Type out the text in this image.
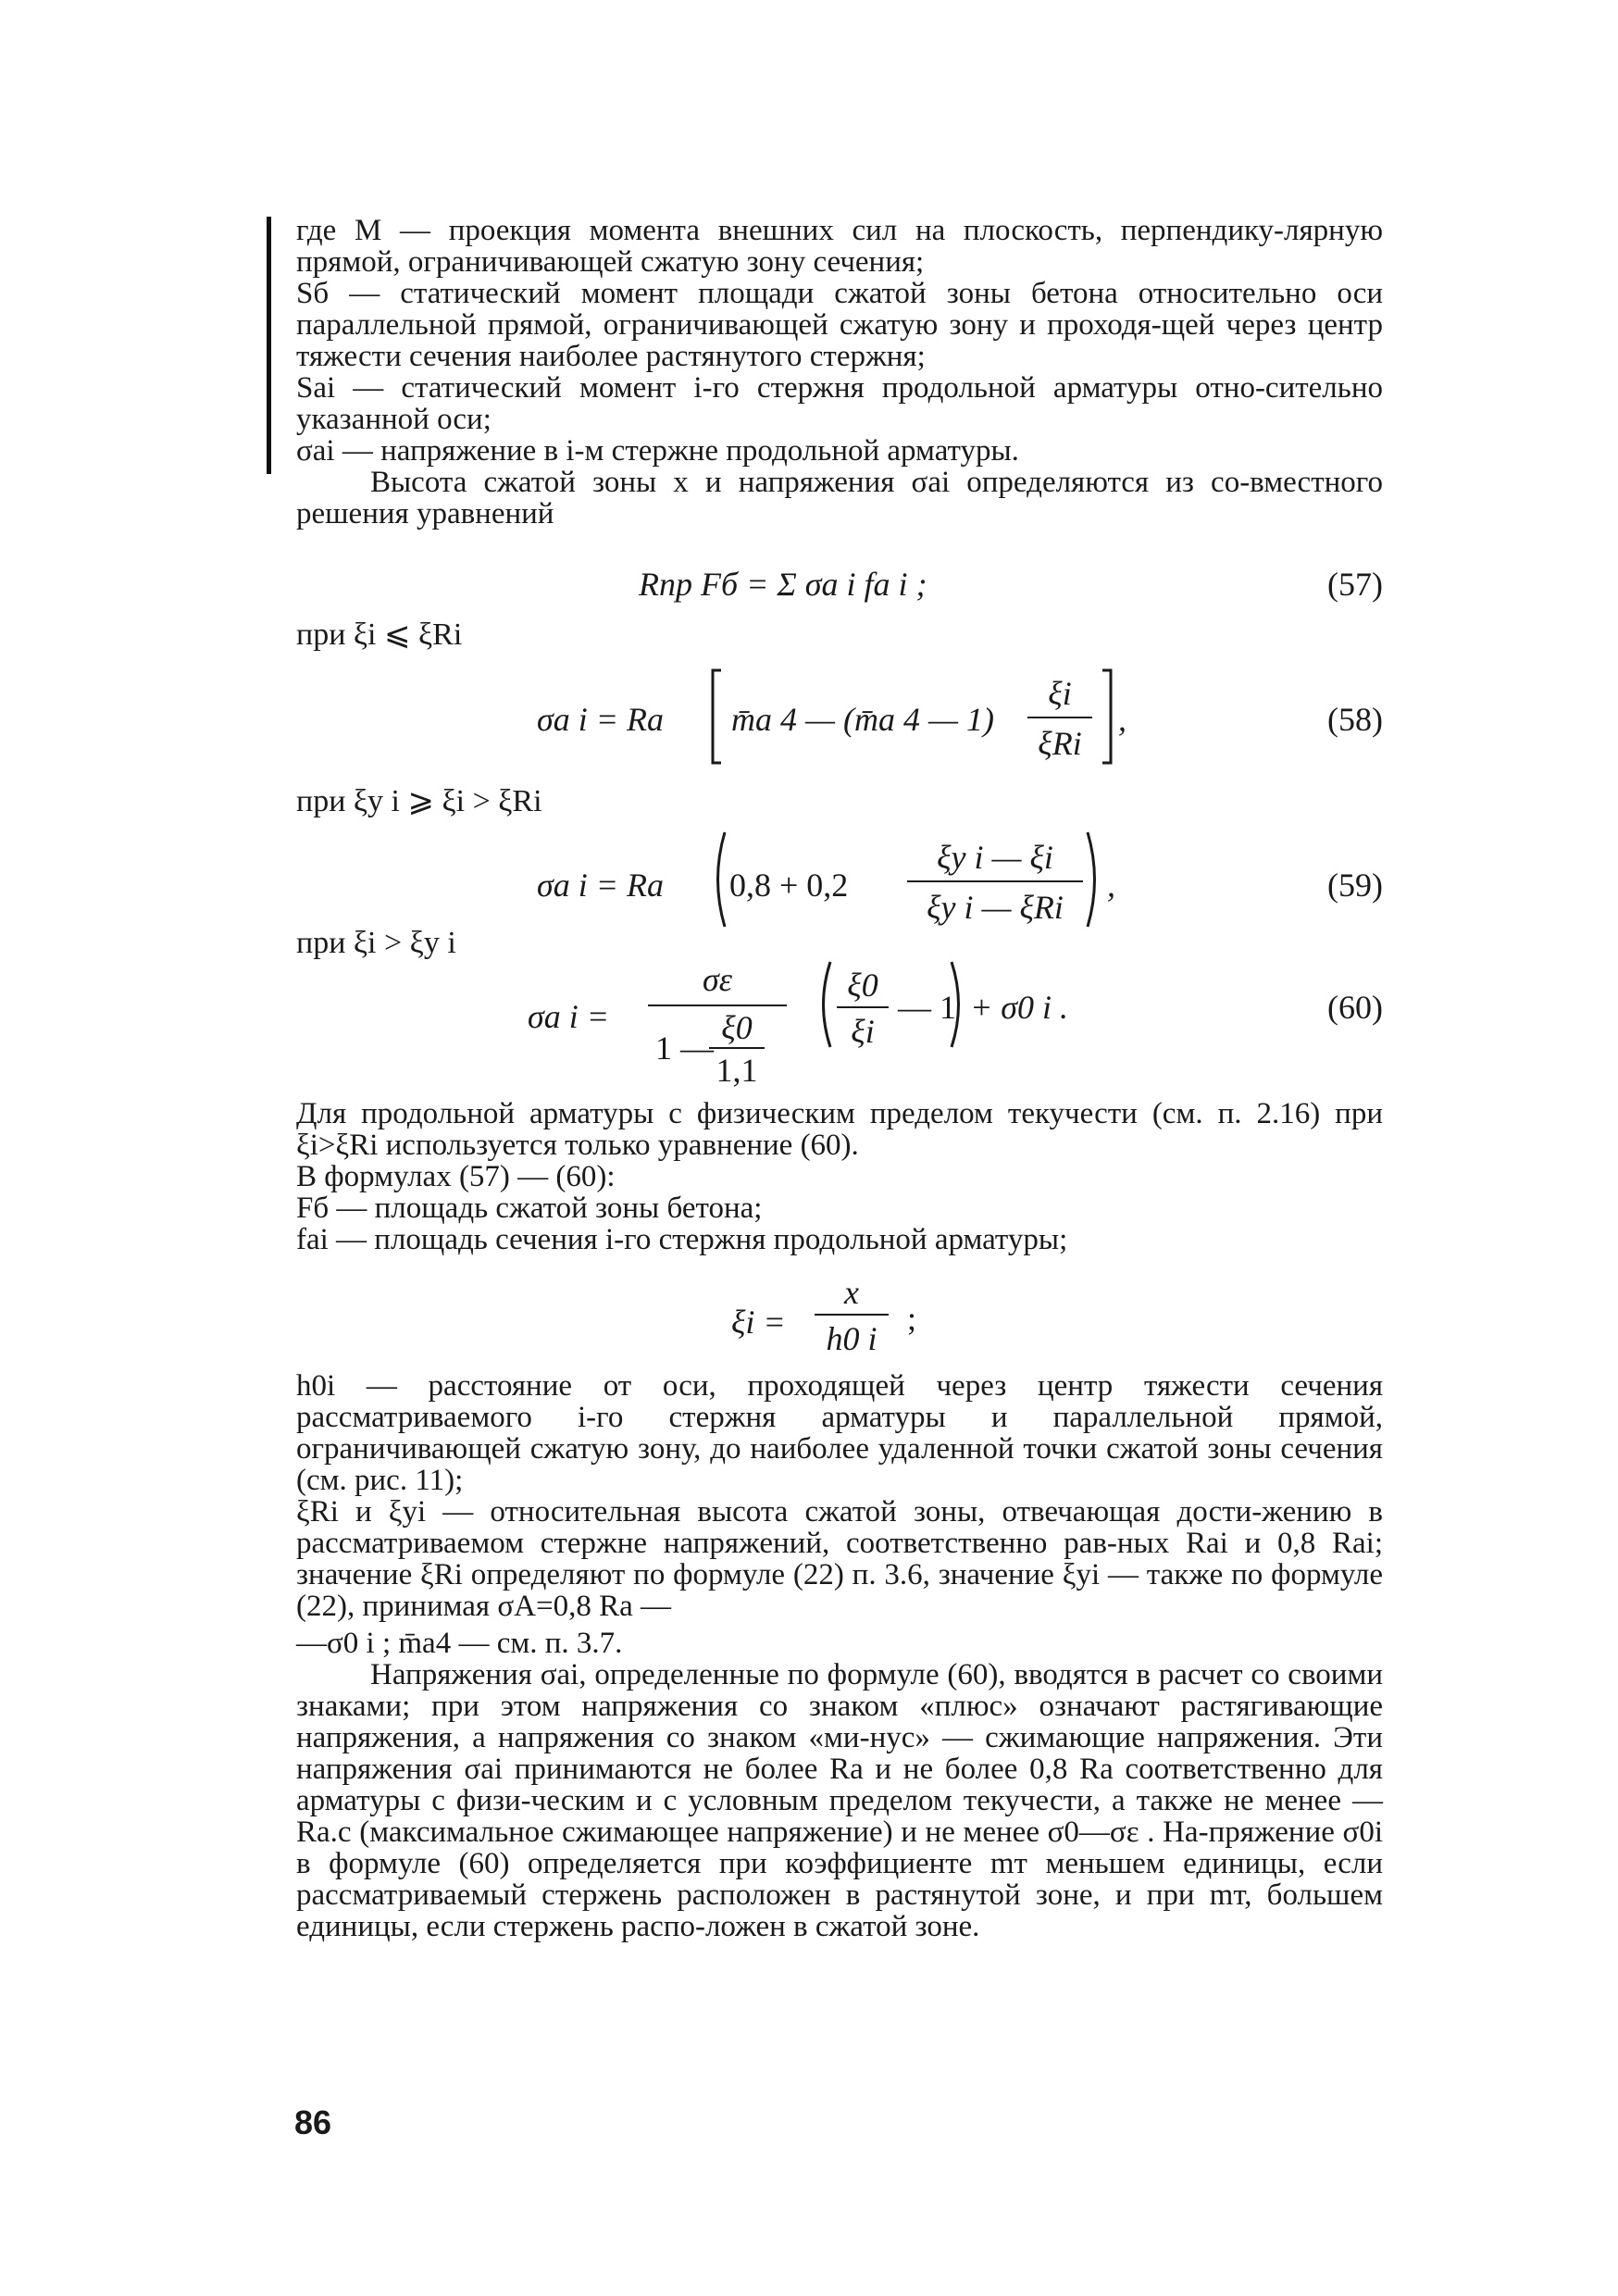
где M — проекция момента внешних сил на плоскость, перпендику-лярную прямой, ограничивающей сжатую зону сечения;

Sб — статический момент площади сжатой зоны бетона относительно оси параллельной прямой, ограничивающей сжатую зону и проходя-щей через центр тяжести сечения наиболее растянутого стержня;

Sai — статический момент i-го стержня продольной арматуры отно-сительно указанной оси;

σai — напряжение в i-м стержне продольной арматуры.

Высота сжатой зоны x и напряжения σai определяются из со-вместного решения уравнений

Rпр Fб = Σ σa i fa i ;	(57)
при ξi ⩽ ξRi
σa i = Ra m̄a 4 — (m̄a 4 — 1)
ξi
ξRi
,	(58)
при ξy i ⩾ ξi > ξRi
σa i = Ra 0,8 + 0,2
ξy i — ξi
ξy i — ξRi
,	(59)
при ξi > ξy i
σa i =
σε
1 —
ξ0
1,1
ξ0
ξi
— 1 + σ0 i .	(60)

Для продольной арматуры с физическим пределом текучести (см. п. 2.16) при ξi>ξRi используется только уравнение (60).

В формулах (57) — (60):

Fб — площадь сжатой зоны бетона;

fai — площадь сечения i-го стержня продольной арматуры;

ξi =
x
h0 i
;

h0i — расстояние от оси, проходящей через центр тяжести сечения рассматриваемого i-го стержня арматуры и параллельной прямой, ограничивающей сжатую зону, до наиболее удаленной точки сжатой зоны сечения (см. рис. 11);

ξRi и ξyi — относительная высота сжатой зоны, отвечающая дости-жению в рассматриваемом стержне напряжений, соответственно рав-ных Rai и 0,8 Rai; значение ξRi определяют по формуле (22) п. 3.6, значение ξyi — также по формуле (22), принимая σA=0,8 Ra —

—σ0 i ; m̄a4 — см. п. 3.7.

Напряжения σai, определенные по формуле (60), вводятся в расчет со своими знаками; при этом напряжения со знаком «плюс» означают растягивающие напряжения, а напряжения со знаком «ми-нус» — сжимающие напряжения. Эти напряжения σai принимаются не более Ra и не более 0,8 Ra соответственно для арматуры с физи-ческим и с условным пределом текучести, а также не менее —Ra.c (максимальное сжимающее напряжение) и не менее σ0—σε . На-пряжение σ0i в формуле (60) определяется при коэффициенте mт меньшем единицы, если рассматриваемый стержень расположен в растянутой зоне, и при mт, большем единицы, если стержень распо-ложен в сжатой зоне.

86
